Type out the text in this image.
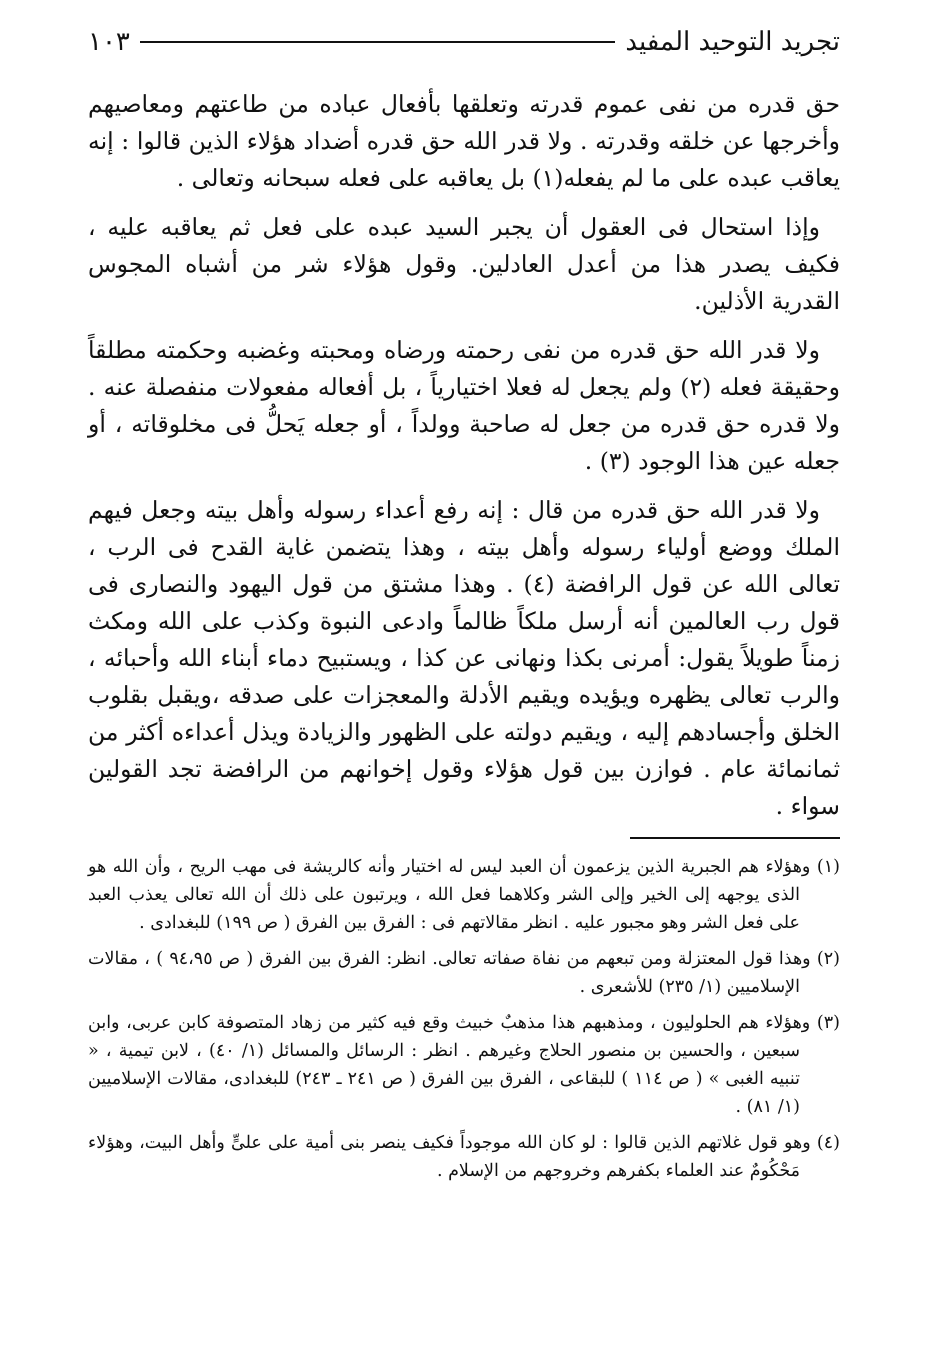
تجريد التوحيد المفيد
١٠٣

حق قدره من نفى عموم قدرته وتعلقها بأفعال عباده من طاعتهم ومعاصيهم وأخرجها عن خلقه وقدرته . ولا قدر الله حق قدره أضداد هؤلاء الذين قالوا : إنه يعاقب عبده على ما لم يفعله(١) بل يعاقبه على فعله سبحانه وتعالى .

وإذا استحال فى العقول أن يجبر السيد عبده على فعل ثم يعاقبه عليه ، فكيف يصدر هذا من أعدل العادلين. وقول هؤلاء شر من أشباه المجوس القدرية الأذلين.

ولا قدر الله حق قدره من نفى رحمته ورضاه ومحبته وغضبه وحكمته مطلقاً وحقيقة فعله (٢) ولم يجعل له فعلا اختيارياً ، بل أفعاله مفعولات منفصلة عنه . ولا قدره حق قدره من جعل له صاحبة وولداً ، أو جعله يَحلُّ فى مخلوقاته ، أو جعله عين هذا الوجود (٣) .

ولا قدر الله حق قدره من قال : إنه رفع أعداء رسوله وأهل بيته وجعل فيهم الملك ووضع أولياء رسوله وأهل بيته ، وهذا يتضمن غاية القدح فى الرب ، تعالى الله عن قول الرافضة (٤) . وهذا مشتق من قول اليهود والنصارى فى قول رب العالمين أنه أرسل ملكاً ظالماً وادعى النبوة وكذب على الله ومكث زمناً طويلاً يقول: أمرنى بكذا ونهانى عن كذا ، ويستبيح دماء أبناء الله وأحبائه ، والرب تعالى يظهره ويؤيده ويقيم الأدلة والمعجزات على صدقه ،ويقبل بقلوب الخلق وأجسادهم إليه ، ويقيم دولته على الظهور والزيادة ويذل أعداءه أكثر من ثمانمائة عام . فوازن بين قول هؤلاء وقول إخوانهم من الرافضة تجد القولين سواء .

(١) وهؤلاء هم الجبرية الذين يزعمون أن العبد ليس له اختيار وأنه كالريشة فى مهب الريح ، وأن الله هو الذى يوجهه إلى الخير وإلى الشر وكلاهما فعل الله ، ويرتبون على ذلك أن الله تعالى يعذب العبد على فعل الشر وهو مجبور عليه . انظر مقالاتهم فى : الفرق بين الفرق ( ص ١٩٩) للبغدادى .

(٢) وهذا قول المعتزلة ومن تبعهم من نفاة صفاته تعالى. انظر: الفرق بين الفرق ( ص ٩٤،٩٥ ) ، مقالات الإسلاميين (١/ ٢٣٥) للأشعرى .

(٣) وهؤلاء هم الحلوليون ، ومذهبهم هذا مذهبٌ خبيث وقع فيه كثير من زهاد المتصوفة كابن عربى، وابن سبعين ، والحسين بن منصور الحلاج وغيرهم . انظر : الرسائل والمسائل (١/ ٤٠) ، لابن تيمية ، « تنبيه الغبى » ( ص ١١٤ ) للبقاعى ، الفرق بين الفرق ( ص ٢٤١ ـ ٢٤٣) للبغدادى، مقالات الإسلاميين (١/ ٨١) .

(٤) وهو قول غلاتهم الذين قالوا : لو كان الله موجوداً فكيف ينصر بنى أمية على علىٍّ وأهل البيت، وهؤلاء مَحْكُومٌ عند العلماء بكفرهم وخروجهم من الإسلام .
